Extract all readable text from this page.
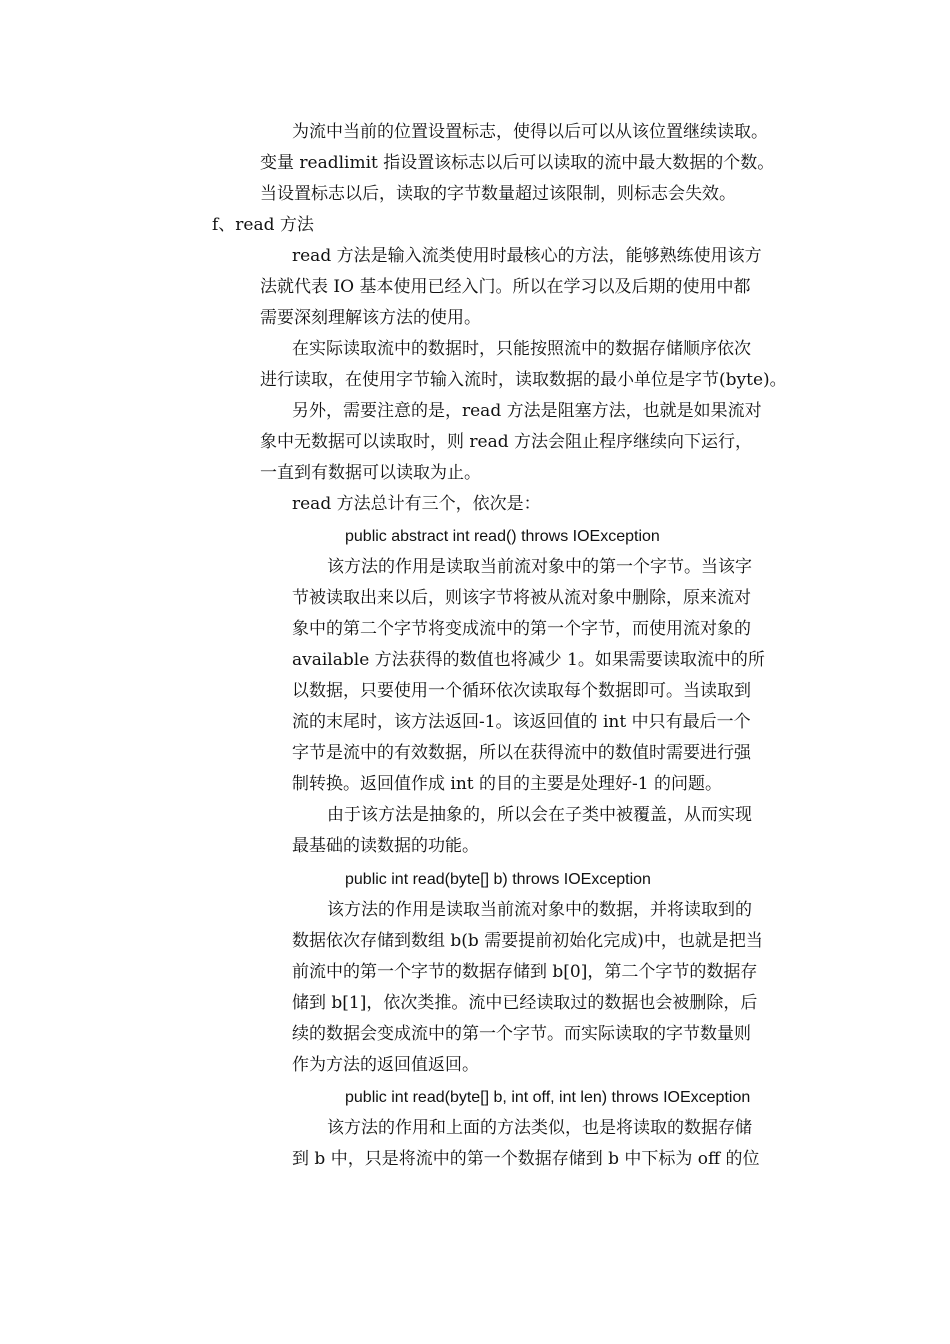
为流中当前的位置设置标志，使得以后可以从该位置继续读取。
变量 readlimit 指设置该标志以后可以读取的流中最大数据的个数。
当设置标志以后，读取的字节数量超过该限制，则标志会失效。
f、read 方法
read 方法是输入流类使用时最核心的方法，能够熟练使用该方
法就代表 IO 基本使用已经入门。所以在学习以及后期的使用中都
需要深刻理解该方法的使用。
在实际读取流中的数据时，只能按照流中的数据存储顺序依次
进行读取，在使用字节输入流时，读取数据的最小单位是字节(byte)。
另外，需要注意的是，read 方法是阻塞方法，也就是如果流对
象中无数据可以读取时，则 read 方法会阻止程序继续向下运行，
一直到有数据可以读取为止。
read 方法总计有三个，依次是：
public abstract int read() throws IOException
该方法的作用是读取当前流对象中的第一个字节。当该字
节被读取出来以后，则该字节将被从流对象中删除，原来流对
象中的第二个字节将变成流中的第一个字节，而使用流对象的
available 方法获得的数值也将减少 1。如果需要读取流中的所
以数据，只要使用一个循环依次读取每个数据即可。当读取到
流的末尾时，该方法返回-1。该返回值的 int 中只有最后一个
字节是流中的有效数据，所以在获得流中的数值时需要进行强
制转换。返回值作成 int 的目的主要是处理好-1 的问题。
由于该方法是抽象的，所以会在子类中被覆盖，从而实现
最基础的读数据的功能。
public int read(byte[] b) throws IOException
该方法的作用是读取当前流对象中的数据，并将读取到的
数据依次存储到数组 b(b 需要提前初始化完成)中，也就是把当
前流中的第一个字节的数据存储到 b[0]，第二个字节的数据存
储到 b[1]，依次类推。流中已经读取过的数据也会被删除，后
续的数据会变成流中的第一个字节。而实际读取的字节数量则
作为方法的返回值返回。
public int read(byte[] b, int off, int len) throws IOException
该方法的作用和上面的方法类似，也是将读取的数据存储
到 b 中，只是将流中的第一个数据存储到 b 中下标为 off 的位
